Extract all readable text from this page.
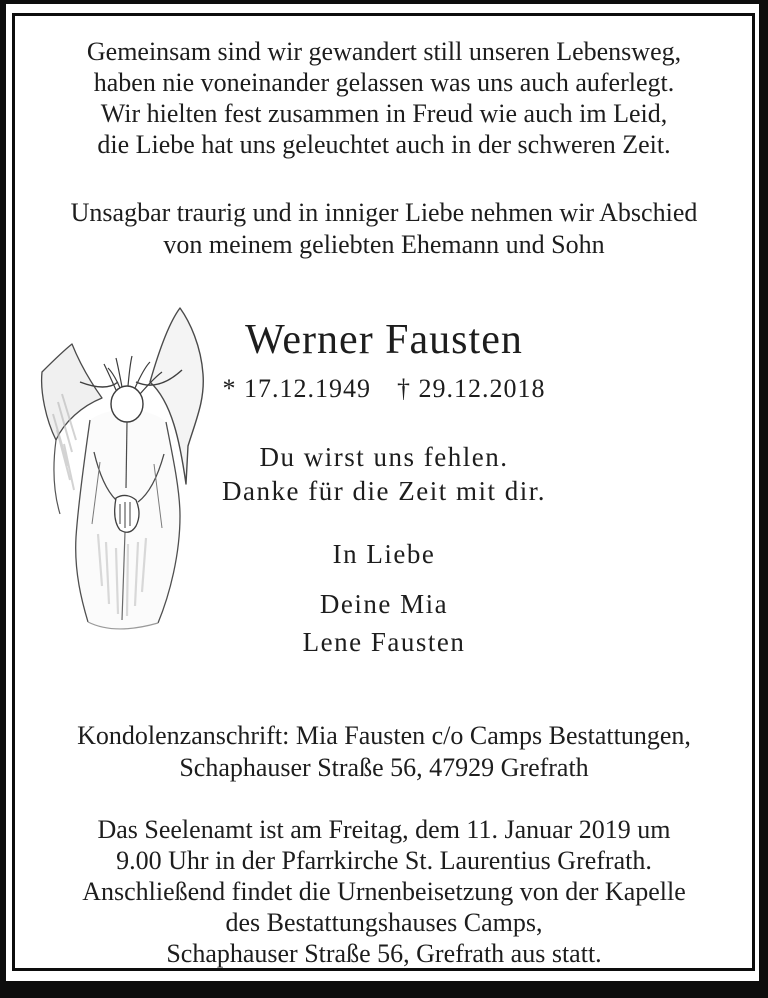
Gemeinsam sind wir gewandert still unseren Lebensweg,
haben nie voneinander gelassen was uns auch auferlegt.
Wir hielten fest zusammen in Freud wie auch im Leid,
die Liebe hat uns geleuchtet auch in der schweren Zeit.
Unsagbar traurig und in inniger Liebe nehmen wir Abschied
von meinem geliebten Ehemann und Sohn
Werner Fausten
* 17.12.1949 † 29.12.2018
Du wirst uns fehlen.
Danke für die Zeit mit dir.
In Liebe
Deine Mia
Lene Fausten
Kondolenzanschrift: Mia Fausten c/o Camps Bestattungen,
Schaphauser Straße 56, 47929 Grefrath
Das Seelenamt ist am Freitag, dem 11. Januar 2019 um
9.00 Uhr in der Pfarrkirche St. Laurentius Grefrath.
Anschließend findet die Urnenbeisetzung von der Kapelle
des Bestattungshauses Camps,
Schaphauser Straße 56, Grefrath aus statt.
